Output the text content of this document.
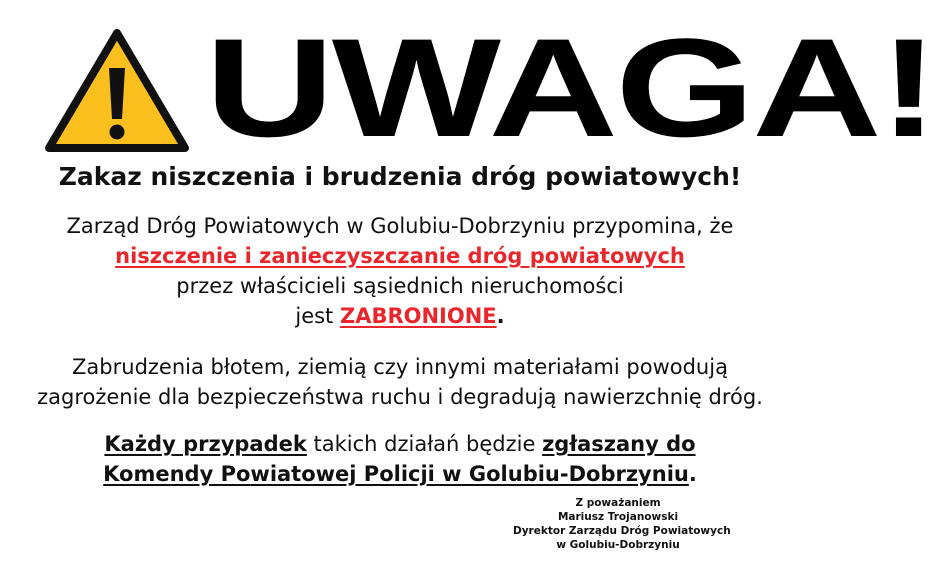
UWAGA!
Zakaz niszczenia i brudzenia dróg powiatowych!
Zarząd Dróg Powiatowych w Golubiu-Dobrzyniu przypomina, że
niszczenie i zanieczyszczanie dróg powiatowych
przez właścicieli sąsiednich nieruchomości
jest ZABRONIONE.
Zabrudzenia błotem, ziemią czy innymi materiałami powodują
zagrożenie dla bezpieczeństwa ruchu i degradują nawierzchnię dróg.
Każdy przypadek takich działań będzie zgłaszany do
Komendy Powiatowej Policji w Golubiu-Dobrzyniu.
Z poważaniem
Mariusz Trojanowski
Dyrektor Zarządu Dróg Powiatowych
w Golubiu-Dobrzyniu
